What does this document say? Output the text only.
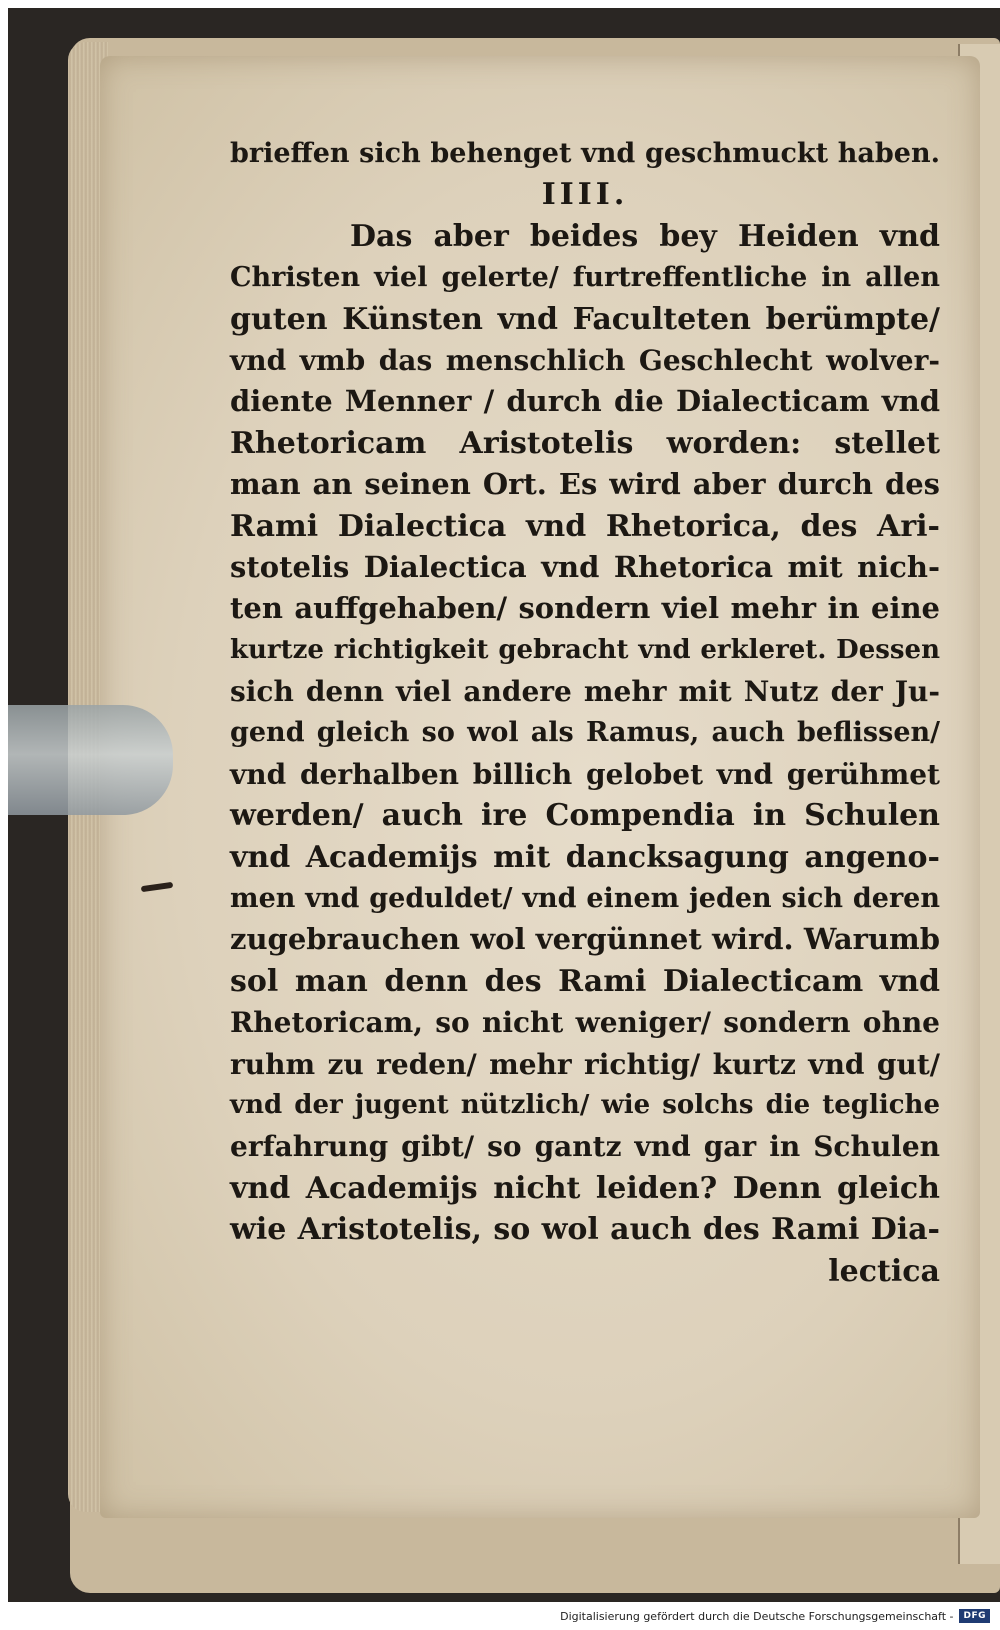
brieffen sich behenget vnd geschmuckt haben.
IIII.
Das aber beides bey Heiden vnd
Christen viel gelerte/ furtreffentliche in allen
guten Künsten vnd Faculteten berümpte/
vnd vmb das menschlich Geschlecht wolver-
diente Menner / durch die Dialecticam vnd
Rhetoricam Aristotelis worden: stellet
man an seinen Ort. Es wird aber durch des
Rami Dialectica vnd Rhetorica, des Ari-
stotelis Dialectica vnd Rhetorica mit nich-
ten auffgehaben/ sondern viel mehr in eine
kurtze richtigkeit gebracht vnd erkleret. Dessen
sich denn viel andere mehr mit Nutz der Ju-
gend gleich so wol als Ramus, auch beflissen/
vnd derhalben billich gelobet vnd gerühmet
werden/ auch ire Compendia in Schulen
vnd Academijs mit dancksagung angeno-
men vnd geduldet/ vnd einem jeden sich deren
zugebrauchen wol vergünnet wird. Warumb
sol man denn des Rami Dialecticam vnd
Rhetoricam, so nicht weniger/ sondern ohne
ruhm zu reden/ mehr richtig/ kurtz vnd gut/
vnd der jugent nützlich/ wie solchs die tegliche
erfahrung gibt/ so gantz vnd gar in Schulen
vnd Academijs nicht leiden? Denn gleich
wie Aristotelis, so wol auch des Rami Dia-
lectica
Digitalisierung gefördert durch die Deutsche Forschungsgemeinschaft -	DFG
